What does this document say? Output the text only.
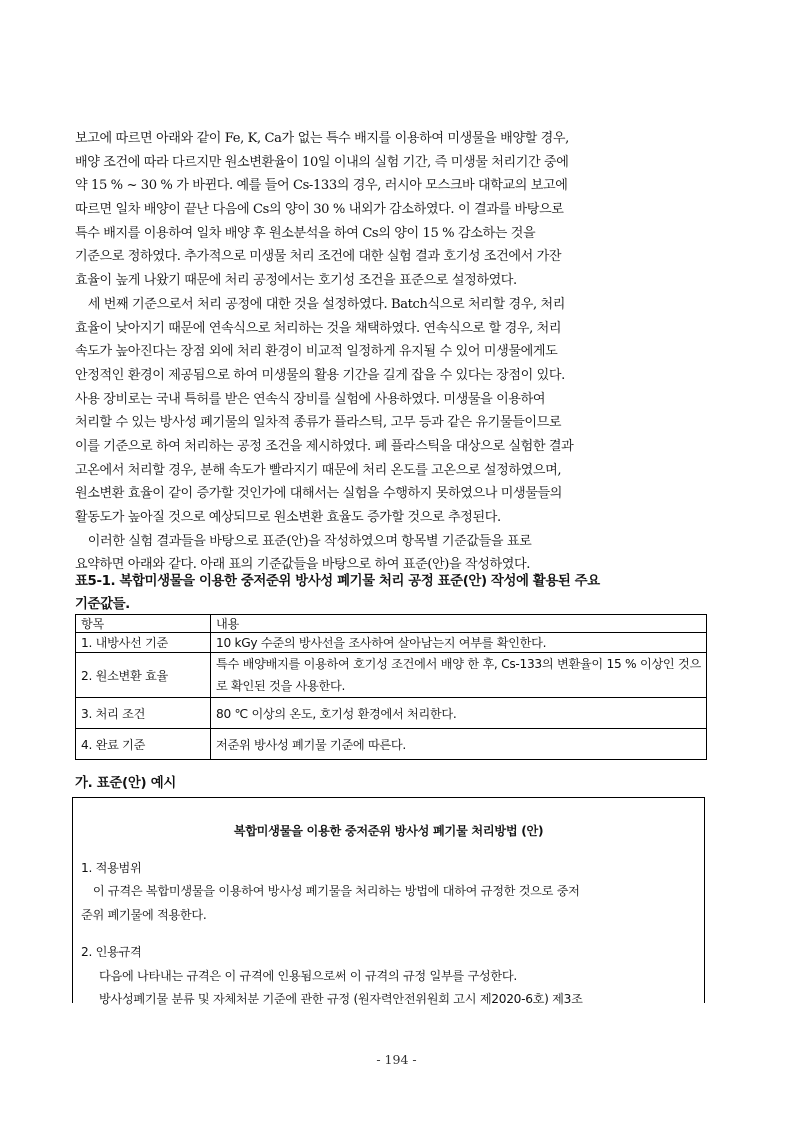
보고에 따르면 아래와 같이 Fe, K, Ca가 없는 특수 배지를 이용하여 미생물을 배양할 경우,
배양 조건에 따라 다르지만 원소변환율이 10일 이내의 실험 기간, 즉 미생물 처리기간 중에
약 15 % ~ 30 % 가 바뀐다. 예를 들어 Cs-133의 경우, 러시아 모스크바 대학교의 보고에
따르면 일차 배양이 끝난 다음에 Cs의 양이 30 % 내외가 감소하였다. 이 결과를 바탕으로
특수 배지를 이용하여 일차 배양 후 원소분석을 하여 Cs의 양이 15 % 감소하는 것을
기준으로 정하였다. 추가적으로 미생물 처리 조건에 대한 실험 결과 호기성 조건에서 가잔
효율이 높게 나왔기 때문에 처리 공정에서는 호기성 조건을 표준으로 설정하였다.
　세 번째 기준으로서 처리 공정에 대한 것을 설정하였다. Batch식으로 처리할 경우, 처리
효율이 낮아지기 때문에 연속식으로 처리하는 것을 채택하였다. 연속식으로 할 경우, 처리
속도가 높아진다는 장점 외에 처리 환경이 비교적 일정하게 유지될 수 있어 미생물에게도
안정적인 환경이 제공됨으로 하여 미생물의 활용 기간을 길게 잡을 수 있다는 장점이 있다.
사용 장비로는 국내 특허를 받은 연속식 장비를 실험에 사용하였다. 미생물을 이용하여
처리할 수 있는 방사성 폐기물의 일차적 종류가 플라스틱, 고무 등과 같은 유기물들이므로
이를 기준으로 하여 처리하는 공정 조건을 제시하였다. 폐 플라스틱을 대상으로 실험한 결과
고온에서 처리할 경우, 분해 속도가 빨라지기 때문에 처리 온도를 고온으로 설정하였으며,
원소변환 효율이 같이 증가할 것인가에 대해서는 실험을 수행하지 못하였으나 미생물들의
활동도가 높아질 것으로 예상되므로 원소변환 효율도 증가할 것으로 추정된다.
　이러한 실험 결과들을 바탕으로 표준(안)을 작성하였으며 항목별 기준값들을 표로
요약하면 아래와 같다. 아래 표의 기준값들을 바탕으로 하여 표준(안)을 작성하였다.
표5-1. 복합미생물을 이용한 중저준위 방사성 폐기물 처리 공정 표준(안) 작성에 활용된 주요
기준값들.
항목	내용
1. 내방사선 기준	10 kGy 수준의 방사선을 조사하여 살아남는지 여부를 확인한다.
2. 원소변환 효율	특수 배양배지를 이용하여 호기성 조건에서 배양 한 후, Cs-133의 변환율이 15 % 이상인 것으로 확인된 것을 사용한다.
3. 처리 조건	80 ℃ 이상의 온도, 호기성 환경에서 처리한다.
4. 완료 기준	저준위 방사성 폐기물 기준에 따른다.
가. 표준(안) 예시
복합미생물을 이용한 중저준위 방사성 폐기물 처리방법 (안)
1. 적용범위
　이 규격은 복합미생물을 이용하여 방사성 폐기물을 처리하는 방법에 대하여 규정한 것으로 중저
준위 폐기물에 적용한다.
2. 인용규격
다음에 나타내는 규격은 이 규격에 인용됨으로써 이 규격의 규정 일부를 구성한다.
방사성폐기물 분류 및 자체처분 기준에 관한 규정 (원자력안전위원회 고시 제2020-6호) 제3조
- 194 -
